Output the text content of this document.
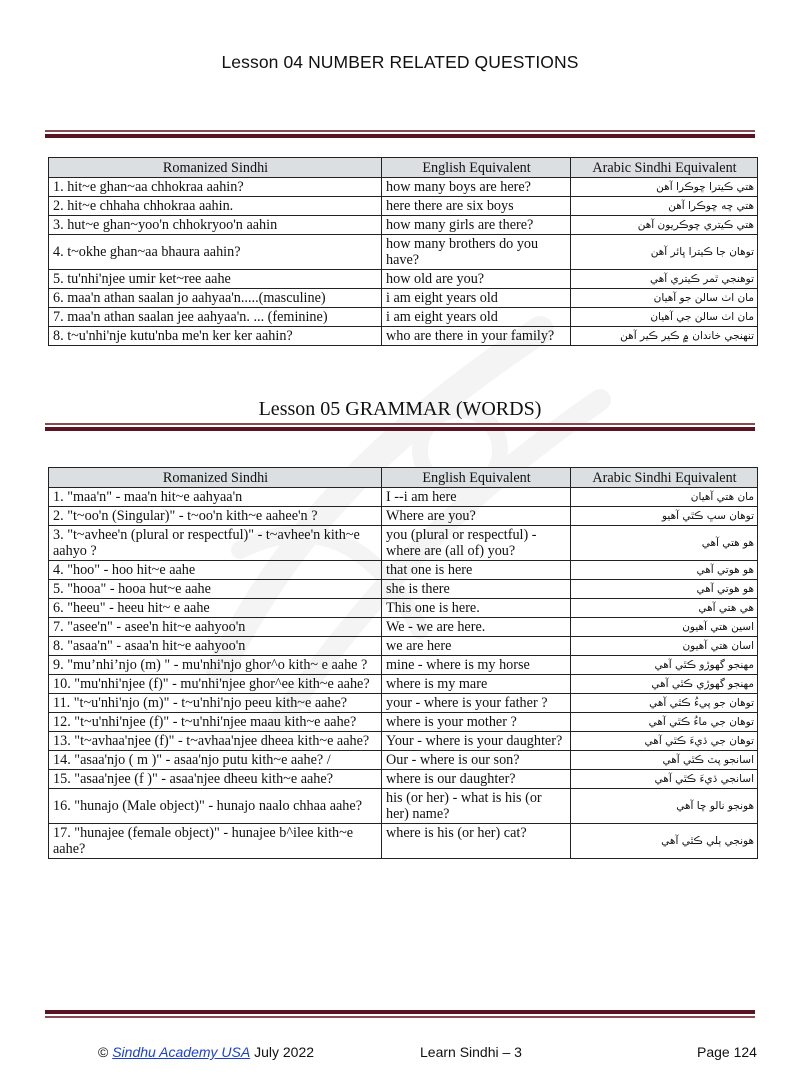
Lesson 04 NUMBER RELATED QUESTIONS
Romanized Sindhi	English Equivalent	Arabic Sindhi Equivalent
1. hit~e ghan~aa chhokraa aahin?	how many boys are here?	هتي ڪيترا ڇوڪرا آهن
2. hit~e chhaha chhokraa aahin.	here there are six boys	هتي ڇه ڇوڪرا آهن
3. hut~e ghan~yoo'n chhokryoo'n aahin	how many girls are there?	هتي ڪيتري ڇوڪريون آهن
4. t~okhe ghan~aa bhaura aahin?	how many brothers do you have?	توهان جا ڪيترا ڀائر آهن
5. tu'nhi'njee umir ket~ree aahe	how old are you?	توهنجي ٿمر ڪيتري آهي
6. maa'n athan saalan jo aahyaa'n.....(masculine)	i am eight years old	مان اٺ سالن جو آهيان
7. maa'n athan saalan jee aahyaa'n. ... (feminine)	i am eight years old	مان اٺ سالن جي آهيان
8. t~u'nhi'nje kutu'nba me'n ker ker aahin?	who are there in your family?	تنهنجي خاندان ۾ ڪير ڪير آهن
Lesson 05 GRAMMAR (WORDS)
Romanized Sindhi	English Equivalent	Arabic Sindhi Equivalent
1. "maa'n" - maa'n hit~e aahyaa'n	I --i am here	مان هتي آهيان
2. "t~oo'n (Singular)" - t~oo'n kith~e aahee'n ?	Where are you?	توهان سڀ ڪٿي آهيو
3. "t~avhee'n (plural or respectful)" - t~avhee'n kith~e aahyo ?	you (plural or respectful) - where are (all of) you?	هو هتي آهي
4. "hoo" - hoo hit~e aahe	that one is here	هو هوتي آهي
5. "hooa" - hooa hut~e aahe	she is there	هو هوتي آهي
6. "heeu" - heeu hit~ e aahe	This one is here.	هي هتي آهي
7. "asee'n" - asee'n hit~e aahyoo'n	We - we are here.	اسين هتي آهيون
8. "asaa'n" - asaa'n hit~e aahyoo'n	we are here	اسان هتي آهيون
9. "mu’nhi’njo (m) " - mu'nhi'njo ghor^o kith~ e aahe ?	mine - where is my horse	مهنجو گهوڙو ڪٿي آهي
10. "mu'nhi'njee (f)" - mu'nhi'njee ghor^ee kith~e aahe?	where is my mare	مهنجو گهوڙي ڪٿي آهي
11. "t~u'nhi'njo (m)" - t~u'nhi'njo peeu kith~e aahe?	your - where is your father ?	توهان جو پيءُ ڪٿي آهي
12. "t~u'nhi'njee (f)" - t~u'nhi'njee maau kith~e aahe?	where is your mother ?	توهان جي ماءُ ڪٿي آهي
13. "t~avhaa'njee (f)" - t~avhaa'njee dheea kith~e aahe?	Your - where is your daughter?	توهان جي ڌيءَ ڪٿي آهي
14. "asaa'njo ( m )" - asaa'njo putu kith~e aahe? /	Our - where is our son?	اسانجو پٽ ڪٿي آهي
15. "asaa'njee (f )" - asaa'njee dheeu kith~e aahe?	where is our daughter?	اسانجي ڌيءَ ڪٿي آهي
16. "hunajo (Male object)" - hunajo naalo chhaa aahe?	his (or her) - what is his (or her) name?	هونجو نالو ڇا آهي
17. "hunajee (female object)" - hunajee b^ilee kith~e aahe?	where is his (or her) cat?	هونجي ٻلي ڪٿي آهي
© Sindhu Academy USA July 2022	Learn Sindhi – 3	Page 124
